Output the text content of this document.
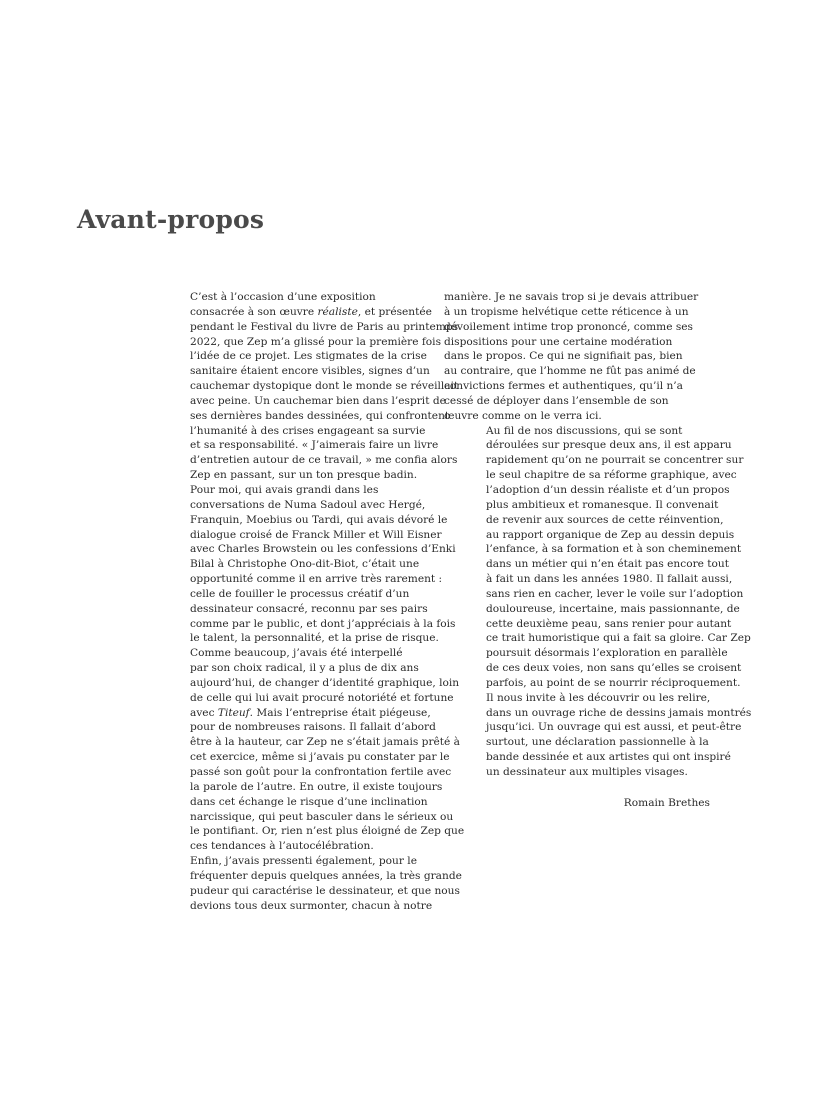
Avant-propos

C’est à l’occasion d’une exposition
consacrée à son œuvre réaliste, et présentée
pendant le Festival du livre de Paris au printemps
2022, que Zep m’a glissé pour la première fois
l’idée de ce projet. Les stigmates de la crise
sanitaire étaient encore visibles, signes d’un
cauchemar dystopique dont le monde se réveillait
avec peine. Un cauchemar bien dans l’esprit de
ses dernières bandes dessinées, qui confrontent
l’humanité à des crises engageant sa survie
et sa responsabilité. « J’aimerais faire un livre
d’entretien autour de ce travail, » me confia alors
Zep en passant, sur un ton presque badin.

Pour moi, qui avais grandi dans les
conversations de Numa Sadoul avec Hergé,
Franquin, Moebius ou Tardi, qui avais dévoré le
dialogue croisé de Franck Miller et Will Eisner
avec Charles Browstein ou les confessions d’Enki
Bilal à Christophe Ono-dit-Biot, c’était une
opportunité comme il en arrive très rarement :
celle de fouiller le processus créatif d’un
dessinateur consacré, reconnu par ses pairs
comme par le public, et dont j’appréciais à la fois
le talent, la personnalité, et la prise de risque.

Comme beaucoup, j’avais été interpellé
par son choix radical, il y a plus de dix ans
aujourd’hui, de changer d’identité graphique, loin
de celle qui lui avait procuré notoriété et fortune
avec Titeuf. Mais l’entreprise était piégeuse,
pour de nombreuses raisons. Il fallait d’abord
être à la hauteur, car Zep ne s’était jamais prêté à
cet exercice, même si j’avais pu constater par le
passé son goût pour la confrontation fertile avec
la parole de l’autre. En outre, il existe toujours
dans cet échange le risque d’une inclination
narcissique, qui peut basculer dans le sérieux ou
le pontifiant. Or, rien n’est plus éloigné de Zep que
ces tendances à l’autocélébration.

Enfin, j’avais pressenti également, pour le
fréquenter depuis quelques années, la très grande
pudeur qui caractérise le dessinateur, et que nous
devions tous deux surmonter, chacun à notre

manière. Je ne savais trop si je devais attribuer
à un tropisme helvétique cette réticence à un
dévoilement intime trop prononcé, comme ses
dispositions pour une certaine modération
dans le propos. Ce qui ne signifiait pas, bien
au contraire, que l’homme ne fût pas animé de
convictions fermes et authentiques, qu’il n’a
cessé de déployer dans l’ensemble de son
œuvre comme on le verra ici.

Au fil de nos discussions, qui se sont
déroulées sur presque deux ans, il est apparu
rapidement qu’on ne pourrait se concentrer sur
le seul chapitre de sa réforme graphique, avec
l’adoption d’un dessin réaliste et d’un propos
plus ambitieux et romanesque. Il convenait
de revenir aux sources de cette réinvention,
au rapport organique de Zep au dessin depuis
l’enfance, à sa formation et à son cheminement
dans un métier qui n’en était pas encore tout
à fait un dans les années 1980. Il fallait aussi,
sans rien en cacher, lever le voile sur l’adoption
douloureuse, incertaine, mais passionnante, de
cette deuxième peau, sans renier pour autant
ce trait humoristique qui a fait sa gloire. Car Zep
poursuit désormais l’exploration en parallèle
de ces deux voies, non sans qu’elles se croisent
parfois, au point de se nourrir réciproquement.

Il nous invite à les découvrir ou les relire,
dans un ouvrage riche de dessins jamais montrés
jusqu’ici. Un ouvrage qui est aussi, et peut-être
surtout, une déclaration passionnelle à la
bande dessinée et aux artistes qui ont inspiré
un dessinateur aux multiples visages.

Romain Brethes
